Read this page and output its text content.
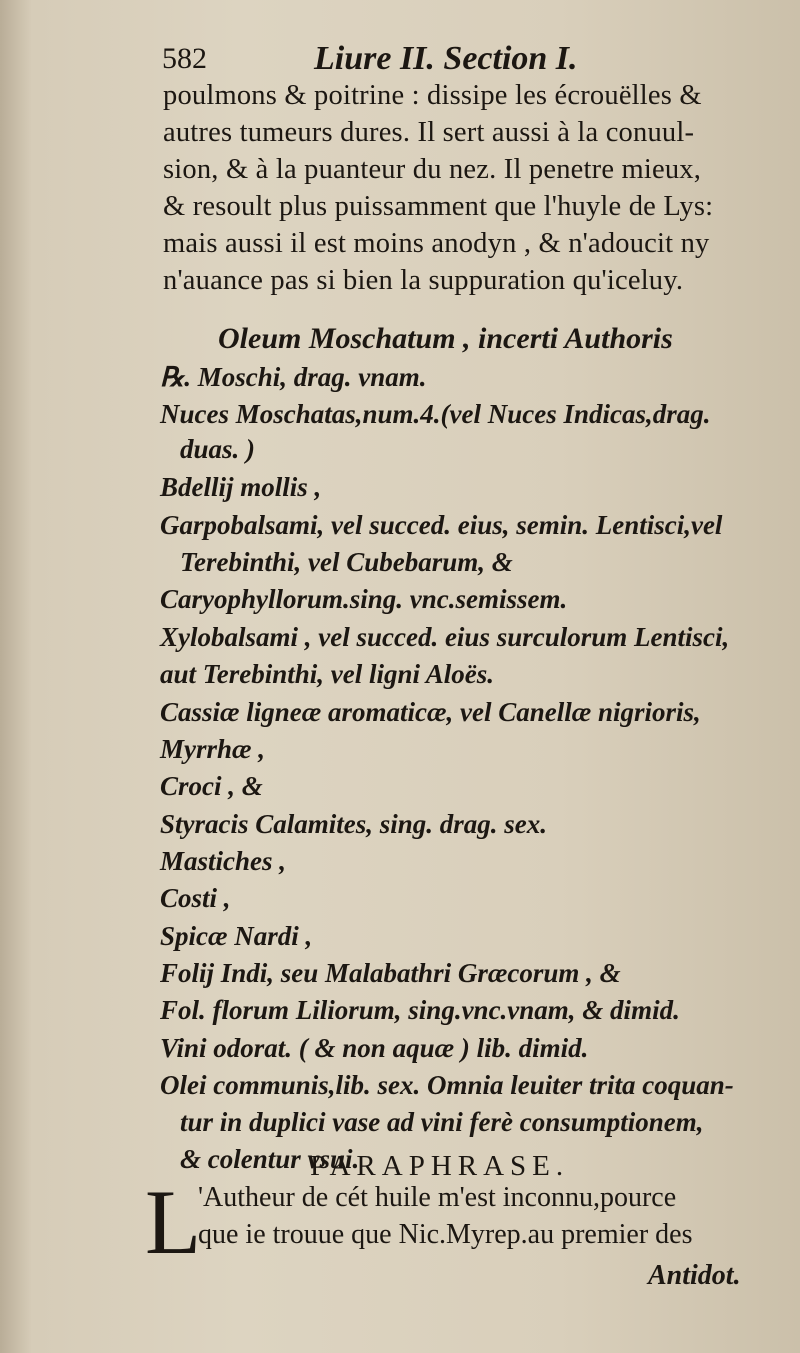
582	Liure II. Section I.
poulmons & poitrine : dissipe les écrouëlles &
autres tumeurs dures. Il sert aussi à la conuul-
sion, & à la puanteur du nez. Il penetre mieux,
& resoult plus puissamment que l'huyle de Lys:
mais aussi il est moins anodyn , & n'adoucit ny
n'auance pas si bien la suppuration qu'iceluy.
Oleum Moschatum , incerti Authoris
℞. Moschi, drag. vnam.
Nuces Moschatas,num.4.(vel Nuces Indicas,drag.
duas. )
Bdellij mollis ,
Garpobalsami, vel succed. eius, semin. Lentisci,vel
Terebinthi, vel Cubebarum, &
Caryophyllorum.sing. vnc.semissem.
Xylobalsami , vel succed. eius surculorum Lentisci,
aut Terebinthi, vel ligni Aloës.
Cassiæ ligneæ aromaticæ, vel Canellæ nigrioris,
Myrrhæ ,
Croci , &
Styracis Calamites, sing. drag. sex.
Mastiches ,
Costi ,
Spicæ Nardi ,
Folij Indi, seu Malabathri Græcorum , &
Fol. florum Liliorum, sing.vnc.vnam, & dimid.
Vini odorat. ( & non aquæ ) lib. dimid.
Olei communis,lib. sex. Omnia leuiter trita coquan-
tur in duplici vase ad vini ferè consumptionem,
& colentur vsui.
PARAPHRASE.
L
'Autheur de cét huile m'est inconnu,pource
que ie trouue que Nic.Myrep.au premier des
Antidot.
